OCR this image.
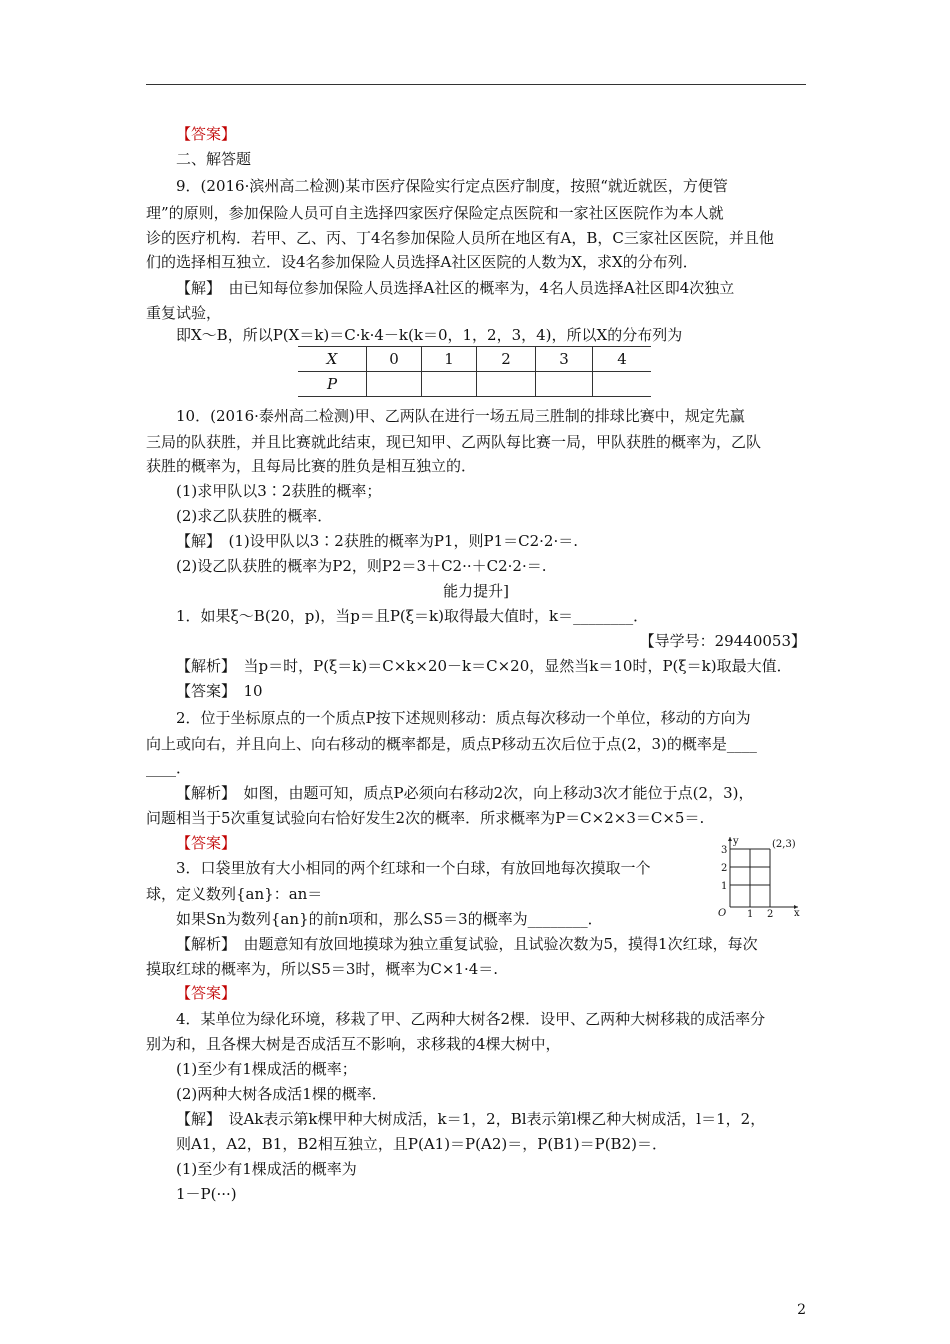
【答案】
二、解答题
9．(2016·滨州高二检测)某市医疗保险实行定点医疗制度，按照“就近就医，方便管
理”的原则，参加保险人员可自主选择四家医疗保险定点医院和一家社区医院作为本人就
诊的医疗机构．若甲、乙、丙、丁4名参加保险人员所在地区有A，B，C三家社区医院，并且他
们的选择相互独立．设4名参加保险人员选择A社区医院的人数为X，求X的分布列．
【解】　由已知每位参加保险人员选择A社区的概率为，4名人员选择A社区即4次独立
重复试验，
即X～B，所以P(X＝k)＝C·k·4－k(k＝0，1，2，3，4)，所以X的分布列为
X	0	1	2	3	4
P					
10．(2016·泰州高二检测)甲、乙两队在进行一场五局三胜制的排球比赛中，规定先赢
三局的队获胜，并且比赛就此结束，现已知甲、乙两队每比赛一局，甲队获胜的概率为，乙队
获胜的概率为，且每局比赛的胜负是相互独立的．
(1)求甲队以3∶2获胜的概率；
(2)求乙队获胜的概率．
【解】　(1)设甲队以3∶2获胜的概率为P1，则P1＝C2·2·＝.
(2)设乙队获胜的概率为P2，则P2＝3＋C2··＋C2·2·＝.
能力提升]
1．如果ξ～B(20，p)，当p＝且P(ξ＝k)取得最大值时，k＝________．
【导学号：29440053】
【解析】　当p＝时，P(ξ＝k)＝C×k×20－k＝C×20，显然当k＝10时，P(ξ＝k)取最大值．
【答案】　10
2．位于坐标原点的一个质点P按下述规则移动：质点每次移动一个单位，移动的方向为
向上或向右，并且向上、向右移动的概率都是，质点P移动五次后位于点(2，3)的概率是____
____．
【解析】　如图，由题可知，质点P必须向右移动2次，向上移动3次才能位于点(2，3)，
问题相当于5次重复试验向右恰好发生2次的概率．所求概率为P＝C×2×3＝C×5＝.
【答案】
3．口袋里放有大小相同的两个红球和一个白球，有放回地每次摸取一个
球，定义数列{an}：an＝
如果Sn为数列{an}的前n项和，那么S5＝3的概率为________．
【解析】　由题意知有放回地摸球为独立重复试验，且试验次数为5，摸得1次红球，每次
摸取红球的概率为，所以S5＝3时，概率为C×1·4＝.
【答案】
4．某单位为绿化环境，移栽了甲、乙两种大树各2棵．设甲、乙两种大树移栽的成活率分
别为和，且各棵大树是否成活互不影响，求移栽的4棵大树中，
(1)至少有1棵成活的概率；
(2)两种大树各成活1棵的概率．
【解】　设Ak表示第k棵甲种大树成活，k＝1，2，Bl表示第l棵乙种大树成活，l＝1，2，
则A1，A2，B1，B2相互独立，且P(A1)＝P(A2)＝，P(B1)＝P(B2)＝．
(1)至少有1棵成活的概率为
1－P(···)
y
x
O
(2,3)
1 2
1
2
3
2
